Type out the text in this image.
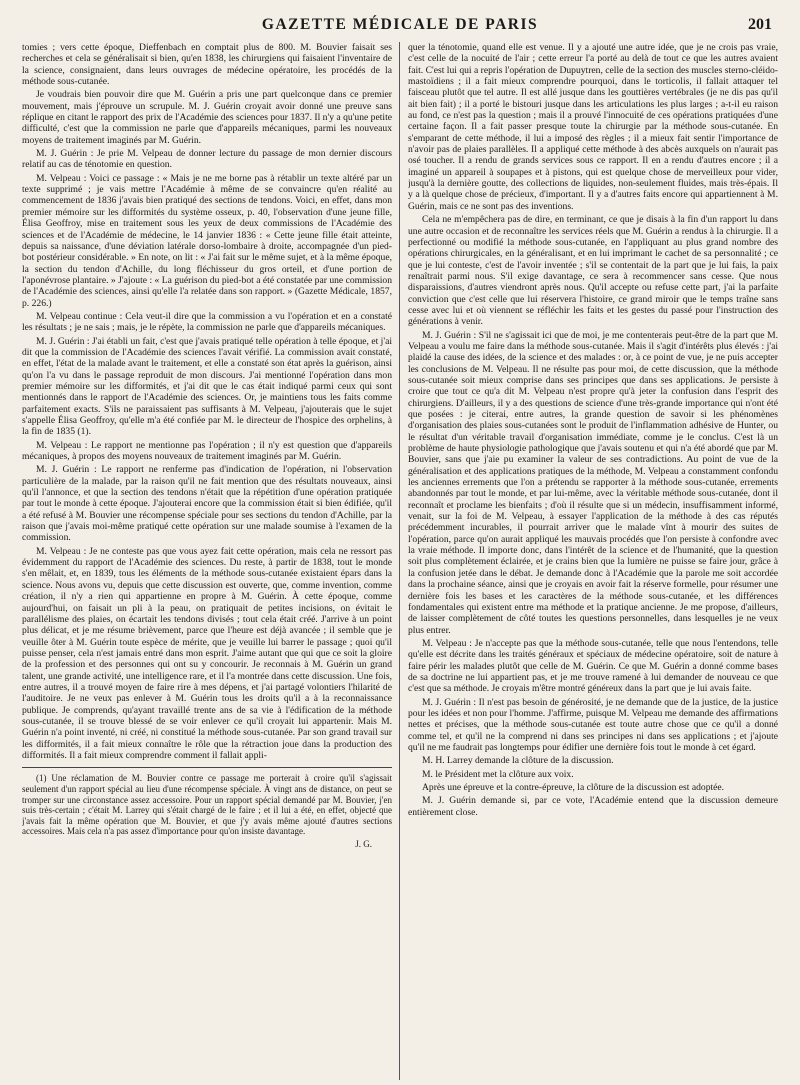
GAZETTE MÉDICALE DE PARIS	201

tomies ; vers cette époque, Dieffenbach en comptait plus de 800. M. Bouvier faisait ses recherches et cela se généralisait si bien, qu'en 1838, les chirurgiens qui faisaient l'inventaire de la science, consignaient, dans leurs ouvrages de médecine opératoire, les procédés de la méthode sous-cutanée.

Je voudrais bien pouvoir dire que M. Guérin a pris une part quelconque dans ce premier mouvement, mais j'éprouve un scrupule. M. J. Guérin croyait avoir donné une preuve sans réplique en citant le rapport des prix de l'Académie des sciences pour 1837. Il n'y a qu'une petite difficulté, c'est que la commission ne parle que d'appareils mécaniques, parmi les nouveaux moyens de traitement imaginés par M. Guérin.

M. J. Guérin : Je prie M. Velpeau de donner lecture du passage de mon dernier discours relatif au cas de ténotomie en question.

M. Velpeau : Voici ce passage : « Mais je ne me borne pas à rétablir un texte altéré par un texte supprimé ; je vais mettre l'Académie à même de se convaincre qu'en réalité au commencement de 1836 j'avais bien pratiqué des sections de tendons. Voici, en effet, dans mon premier mémoire sur les difformités du système osseux, p. 40, l'observation d'une jeune fille, Élisa Geoffroy, mise en traitement sous les yeux de deux commissions de l'Académie des sciences et de l'Académie de médecine, le 14 janvier 1836 : « Cette jeune fille était atteinte, depuis sa naissance, d'une déviation latérale dorso-lombaire à droite, accompagnée d'un pied-bot postérieur considérable. » En note, on lit : « J'ai fait sur le même sujet, et à la même époque, la section du tendon d'Achille, du long fléchisseur du gros orteil, et d'une portion de l'aponévrose plantaire. » J'ajoute : « La guérison du pied-bot a été constatée par une commission de l'Académie des sciences, ainsi qu'elle l'a relatée dans son rapport. » (Gazette Médicale, 1857, p. 226.)

M. Velpeau continue : Cela veut-il dire que la commission a vu l'opération et en a constaté les résultats ; je ne sais ; mais, je le répète, la commission ne parle que d'appareils mécaniques.

M. J. Guérin : J'ai établi un fait, c'est que j'avais pratiqué telle opération à telle époque, et j'ai dit que la commission de l'Académie des sciences l'avait vérifié. La commission avait constaté, en effet, l'état de la malade avant le traitement, et elle a constaté son état après la guérison, ainsi qu'on l'a vu dans le passage reproduit de mon discours. J'ai mentionné l'opération dans mon premier mémoire sur les difformités, et j'ai dit que le cas était indiqué parmi ceux qui sont mentionnés dans le rapport de l'Académie des sciences. Or, je maintiens tous les faits comme parfaitement exacts. S'ils ne paraissaient pas suffisants à M. Velpeau, j'ajouterais que le sujet s'appelle Élisa Geoffroy, qu'elle m'a été confiée par M. le directeur de l'hospice des orphelins, à la fin de 1835 (1).

M. Velpeau : Le rapport ne mentionne pas l'opération ; il n'y est question que d'appareils mécaniques, à propos des moyens nouveaux de traitement imaginés par M. Guérin.

M. J. Guérin : Le rapport ne renferme pas d'indication de l'opération, ni l'observation particulière de la malade, par la raison qu'il ne fait mention que des résultats nouveaux, ainsi qu'il l'annonce, et que la section des tendons n'était que la répétition d'une opération pratiquée par tout le monde à cette époque. J'ajouterai encore que la commission était si bien édifiée, qu'il a été refusé à M. Bouvier une récompense spéciale pour ses sections du tendon d'Achille, par la raison que j'avais moi-même pratiqué cette opération sur une malade soumise à l'examen de la commission.

M. Velpeau : Je ne conteste pas que vous ayez fait cette opération, mais cela ne ressort pas évidemment du rapport de l'Académie des sciences. Du reste, à partir de 1838, tout le monde s'en mêlait, et, en 1839, tous les éléments de la méthode sous-cutanée existaient épars dans la science. Nous avons vu, depuis que cette discussion est ouverte, que, comme invention, comme création, il n'y a rien qui appartienne en propre à M. Guérin. À cette époque, comme aujourd'hui, on faisait un pli à la peau, on pratiquait de petites incisions, on évitait le parallélisme des plaies, on écartait les tendons divisés ; tout cela était créé. J'arrive à un point plus délicat, et je me résume brièvement, parce que l'heure est déjà avancée ; il semble que je veuille ôter à M. Guérin toute espèce de mérite, que je veuille lui barrer le passage ; quoi qu'il puisse penser, cela n'est jamais entré dans mon esprit. J'aime autant que qui que ce soit la gloire de la profession et des personnes qui ont su y concourir. Je reconnais à M. Guérin un grand talent, une grande activité, une intelligence rare, et il l'a montrée dans cette discussion. Une fois, entre autres, il a trouvé moyen de faire rire à mes dépens, et j'ai partagé volontiers l'hilarité de l'auditoire. Je ne veux pas enlever à M. Guérin tous les droits qu'il a à la reconnaissance publique. Je comprends, qu'ayant travaillé trente ans de sa vie à l'édification de la méthode sous-cutanée, il se trouve blessé de se voir enlever ce qu'il croyait lui appartenir. Mais M. Guérin n'a point inventé, ni créé, ni constitué la méthode sous-cutanée. Par son grand travail sur les difformités, il a fait mieux connaître le rôle que la rétraction joue dans la production des difformités. Il a fait mieux comprendre comment il fallait appli-

(1) Une réclamation de M. Bouvier contre ce passage me porterait à croire qu'il s'agissait seulement d'un rapport spécial au lieu d'une récompense spéciale. À vingt ans de distance, on peut se tromper sur une circonstance assez accessoire. Pour un rapport spécial demandé par M. Bouvier, j'en suis très-certain ; c'était M. Larrey qui s'était chargé de le faire ; et il lui a été, en effet, objecté que j'avais fait la même opération que M. Bouvier, et que j'y avais même ajouté d'autres sections accessoires. Mais cela n'a pas assez d'importance pour qu'on insiste davantage.

J. G.

quer la ténotomie, quand elle est venue. Il y a ajouté une autre idée, que je ne crois pas vraie, c'est celle de la nocuité de l'air ; cette erreur l'a porté au delà de tout ce que les autres avaient fait. C'est lui qui a repris l'opération de Dupuytren, celle de la section des muscles sterno-cléido-mastoïdiens ; il a fait mieux comprendre pourquoi, dans le torticolis, il fallait attaquer tel faisceau plutôt que tel autre. Il est allé jusque dans les gouttières vertébrales (je ne dis pas qu'il ait bien fait) ; il a porté le bistouri jusque dans les articulations les plus larges ; a-t-il eu raison au fond, ce n'est pas la question ; mais il a prouvé l'innocuité de ces opérations pratiquées d'une certaine façon. Il a fait passer presque toute la chirurgie par la méthode sous-cutanée. En s'emparant de cette méthode, il lui a imposé des règles ; il a mieux fait sentir l'importance de n'avoir pas de plaies parallèles. Il a appliqué cette méthode à des abcès auxquels on n'aurait pas osé toucher. Il a rendu de grands services sous ce rapport. Il en a rendu d'autres encore ; il a imaginé un appareil à soupapes et à pistons, qui est quelque chose de merveilleux pour vider, jusqu'à la dernière goutte, des collections de liquides, non-seulement fluides, mais très-épais. Il y a là quelque chose de précieux, d'important. Il y a d'autres faits encore qui appartiennent à M. Guérin, mais ce ne sont pas des inventions.

Cela ne m'empêchera pas de dire, en terminant, ce que je disais à la fin d'un rapport lu dans une autre occasion et de reconnaître les services réels que M. Guérin a rendus à la chirurgie. Il a perfectionné ou modifié la méthode sous-cutanée, en l'appliquant au plus grand nombre des opérations chirurgicales, en la généralisant, et en lui imprimant le cachet de sa personnalité ; ce que je lui conteste, c'est de l'avoir inventée ; s'il se contentait de la part que je lui fais, la paix renaîtrait parmi nous. S'il exige davantage, ce sera à recommencer sans cesse. Que nous disparaissions, d'autres viendront après nous. Qu'il accepte ou refuse cette part, j'ai la parfaite conviction que c'est celle que lui réservera l'histoire, ce grand miroir que le temps traîne sans cesse avec lui et où viennent se réfléchir les faits et les gestes du passé pour l'instruction des générations à venir.

M. J. Guérin : S'il ne s'agissait ici que de moi, je me contenterais peut-être de la part que M. Velpeau a voulu me faire dans la méthode sous-cutanée. Mais il s'agit d'intérêts plus élevés : j'ai plaidé la cause des idées, de la science et des malades : or, à ce point de vue, je ne puis accepter les conclusions de M. Velpeau. Il ne résulte pas pour moi, de cette discussion, que la méthode sous-cutanée soit mieux comprise dans ses principes que dans ses applications. Je persiste à croire que tout ce qu'a dit M. Velpeau n'est propre qu'à jeter la confusion dans l'esprit des chirurgiens. D'ailleurs, il y a des questions de science d'une très-grande importance qui n'ont été que posées : je citerai, entre autres, la grande question de savoir si les phénomènes d'organisation des plaies sous-cutanées sont le produit de l'inflammation adhésive de Hunter, ou le résultat d'un véritable travail d'organisation immédiate, comme je le conclus. C'est là un problème de haute physiologie pathologique que j'avais soutenu et qui n'a été abordé que par M. Bouvier, sans que j'aie pu examiner la valeur de ses contradictions. Au point de vue de la généralisation et des applications pratiques de la méthode, M. Velpeau a constamment confondu les anciennes errements que l'on a prétendu se rapporter à la méthode sous-cutanée, errements abandonnés par tout le monde, et par lui-même, avec la véritable méthode sous-cutanée, dont il reconnaît et proclame les bienfaits ; d'où il résulte que si un médecin, insuffisamment informé, venait, sur la foi de M. Velpeau, à essayer l'application de la méthode à des cas réputés précédemment incurables, il pourrait arriver que le malade vînt à mourir des suites de l'opération, parce qu'on aurait appliqué les mauvais procédés que l'on persiste à confondre avec la vraie méthode. Il importe donc, dans l'intérêt de la science et de l'humanité, que la question soit plus complètement éclairée, et je crains bien que la lumière ne puisse se faire jour, grâce à la confusion jetée dans le débat. Je demande donc à l'Académie que la parole me soit accordée dans la prochaine séance, ainsi que je croyais en avoir fait la réserve formelle, pour résumer une dernière fois les bases et les caractères de la méthode sous-cutanée, et les différences fondamentales qui existent entre ma méthode et la pratique ancienne. Je me propose, d'ailleurs, de laisser complètement de côté toutes les questions personnelles, dans lesquelles je ne veux plus entrer.

M. Velpeau : Je n'accepte pas que la méthode sous-cutanée, telle que nous l'entendons, telle qu'elle est décrite dans les traités généraux et spéciaux de médecine opératoire, soit de nature à faire périr les malades plutôt que celle de M. Guérin. Ce que M. Guérin a donné comme bases de sa doctrine ne lui appartient pas, et je me trouve ramené à lui demander de nouveau ce que c'est que sa méthode. Je croyais m'être montré généreux dans la part que je lui avais faite.

M. J. Guérin : Il n'est pas besoin de générosité, je ne demande que de la justice, de la justice pour les idées et non pour l'homme. J'affirme, puisque M. Velpeau me demande des affirmations nettes et précises, que la méthode sous-cutanée est toute autre chose que ce qu'il a donné comme tel, et qu'il ne la comprend ni dans ses principes ni dans ses applications ; et j'ajoute qu'il ne me faudrait pas longtemps pour édifier une dernière fois tout le monde à cet égard.

M. H. Larrey demande la clôture de la discussion.

M. le Président met la clôture aux voix.

Après une épreuve et la contre-épreuve, la clôture de la discussion est adoptée.

M. J. Guérin demande si, par ce vote, l'Académie entend que la discussion demeure entièrement close.
